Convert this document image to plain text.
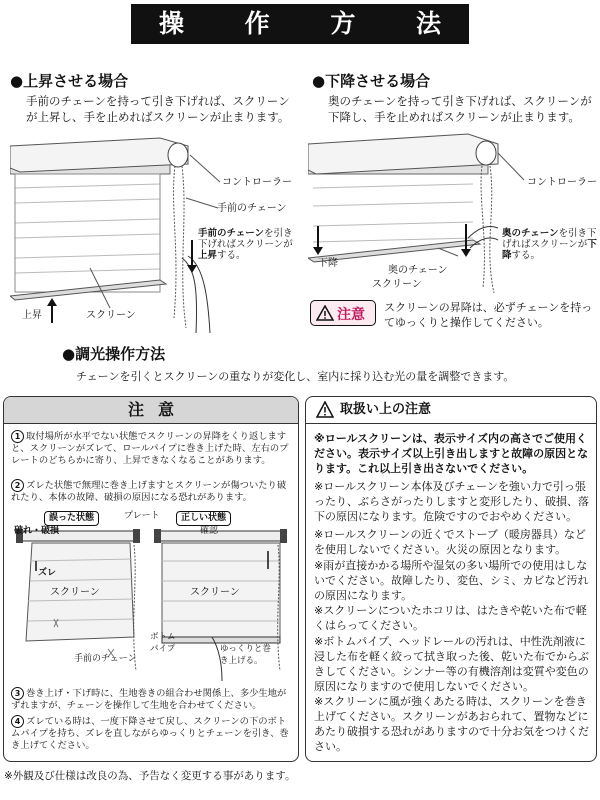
操 作 方 法
●上昇させる場合
手前のチェーンを持って引き下げれば、スクリーンが上昇し、手を止めればスクリーンが止まります。
コントローラー
手前のチェーン
スクリーン
上昇
手前のチェーンを引き下げればスクリーンが上昇する。
●下降させる場合
奥のチェーンを持って引き下げれば、スクリーンが下降し、手を止めればスクリーンが止まります。
コントローラー
奥のチェーン
スクリーン
下降
奥のチェーンを引き下げればスクリーンが下降する。
注意 スクリーンの昇降は、必ずチェーンを持ってゆっくりと操作してください。
●調光操作方法
チェーンを引くとスクリーンの重なりが変化し、室内に採り込む光の量を調整できます。
注意
1 取付場所が水平でない状態でスクリーンの昇降をくり返しますと、スクリーンがズレて、ロールパイプに巻き上げた時、左右のプレートのどちらかに寄り、上昇できなくなることがあります。
2 ズレた状態で無理に巻き上げますとスクリーンが傷ついたり破れたり、本体の故障、破損の原因になる恐れがあります。
誤った状態	正しい状態
プレート
破れ・破損	確認
ズレ
スクリーン	スクリーン
ボトムパイプ	ゆっくりと巻き上げる。
手前のチェーン
3 巻き上げ・下げ時に、生地巻きの組合わせ関係上、多少生地がずれますが、チェーンを操作して生地を合わせてください。
4 ズレている時は、一度下降させて戻し、スクリーンの下のボトムパイプを持ち、ズレを直しながらゆっくりとチェーンを引き、巻き上げてください。
取扱い上の注意
※ロールスクリーンは、表示サイズ内の高さでご使用ください。表示サイズ以上引き出しますと故障の原因となります。これ以上引き出さないでください。
※ロールスクリーン本体及びチェーンを強い力で引っ張ったり、ぶらさがったりしますと変形したり、破損、落下の原因になります。危険ですのでおやめください。
※ロールスクリーンの近くでストーブ（暖房器具）などを使用しないでください。火災の原因となります。
※雨が直接かかる場所や湿気の多い場所での使用はしないでください。故障したり、変色、シミ、カビなど汚れの原因になります。
※スクリーンについたホコリは、はたきや乾いた布で軽くはらってください。
※ボトムパイプ、ヘッドレールの汚れは、中性洗剤液に浸した布を軽く絞って拭き取った後、乾いた布でからぶきしてください。シンナー等の有機溶剤は変質や変色の原因になりますので使用しないでください。
※スクリーンに風が強くあたる時は、スクリーンを巻き上げてください。スクリーンがあおられて、置物などにあたり破損する恐れがありますので十分お気をつけください。
※外観及び仕様は改良の為、予告なく変更する事があります。
